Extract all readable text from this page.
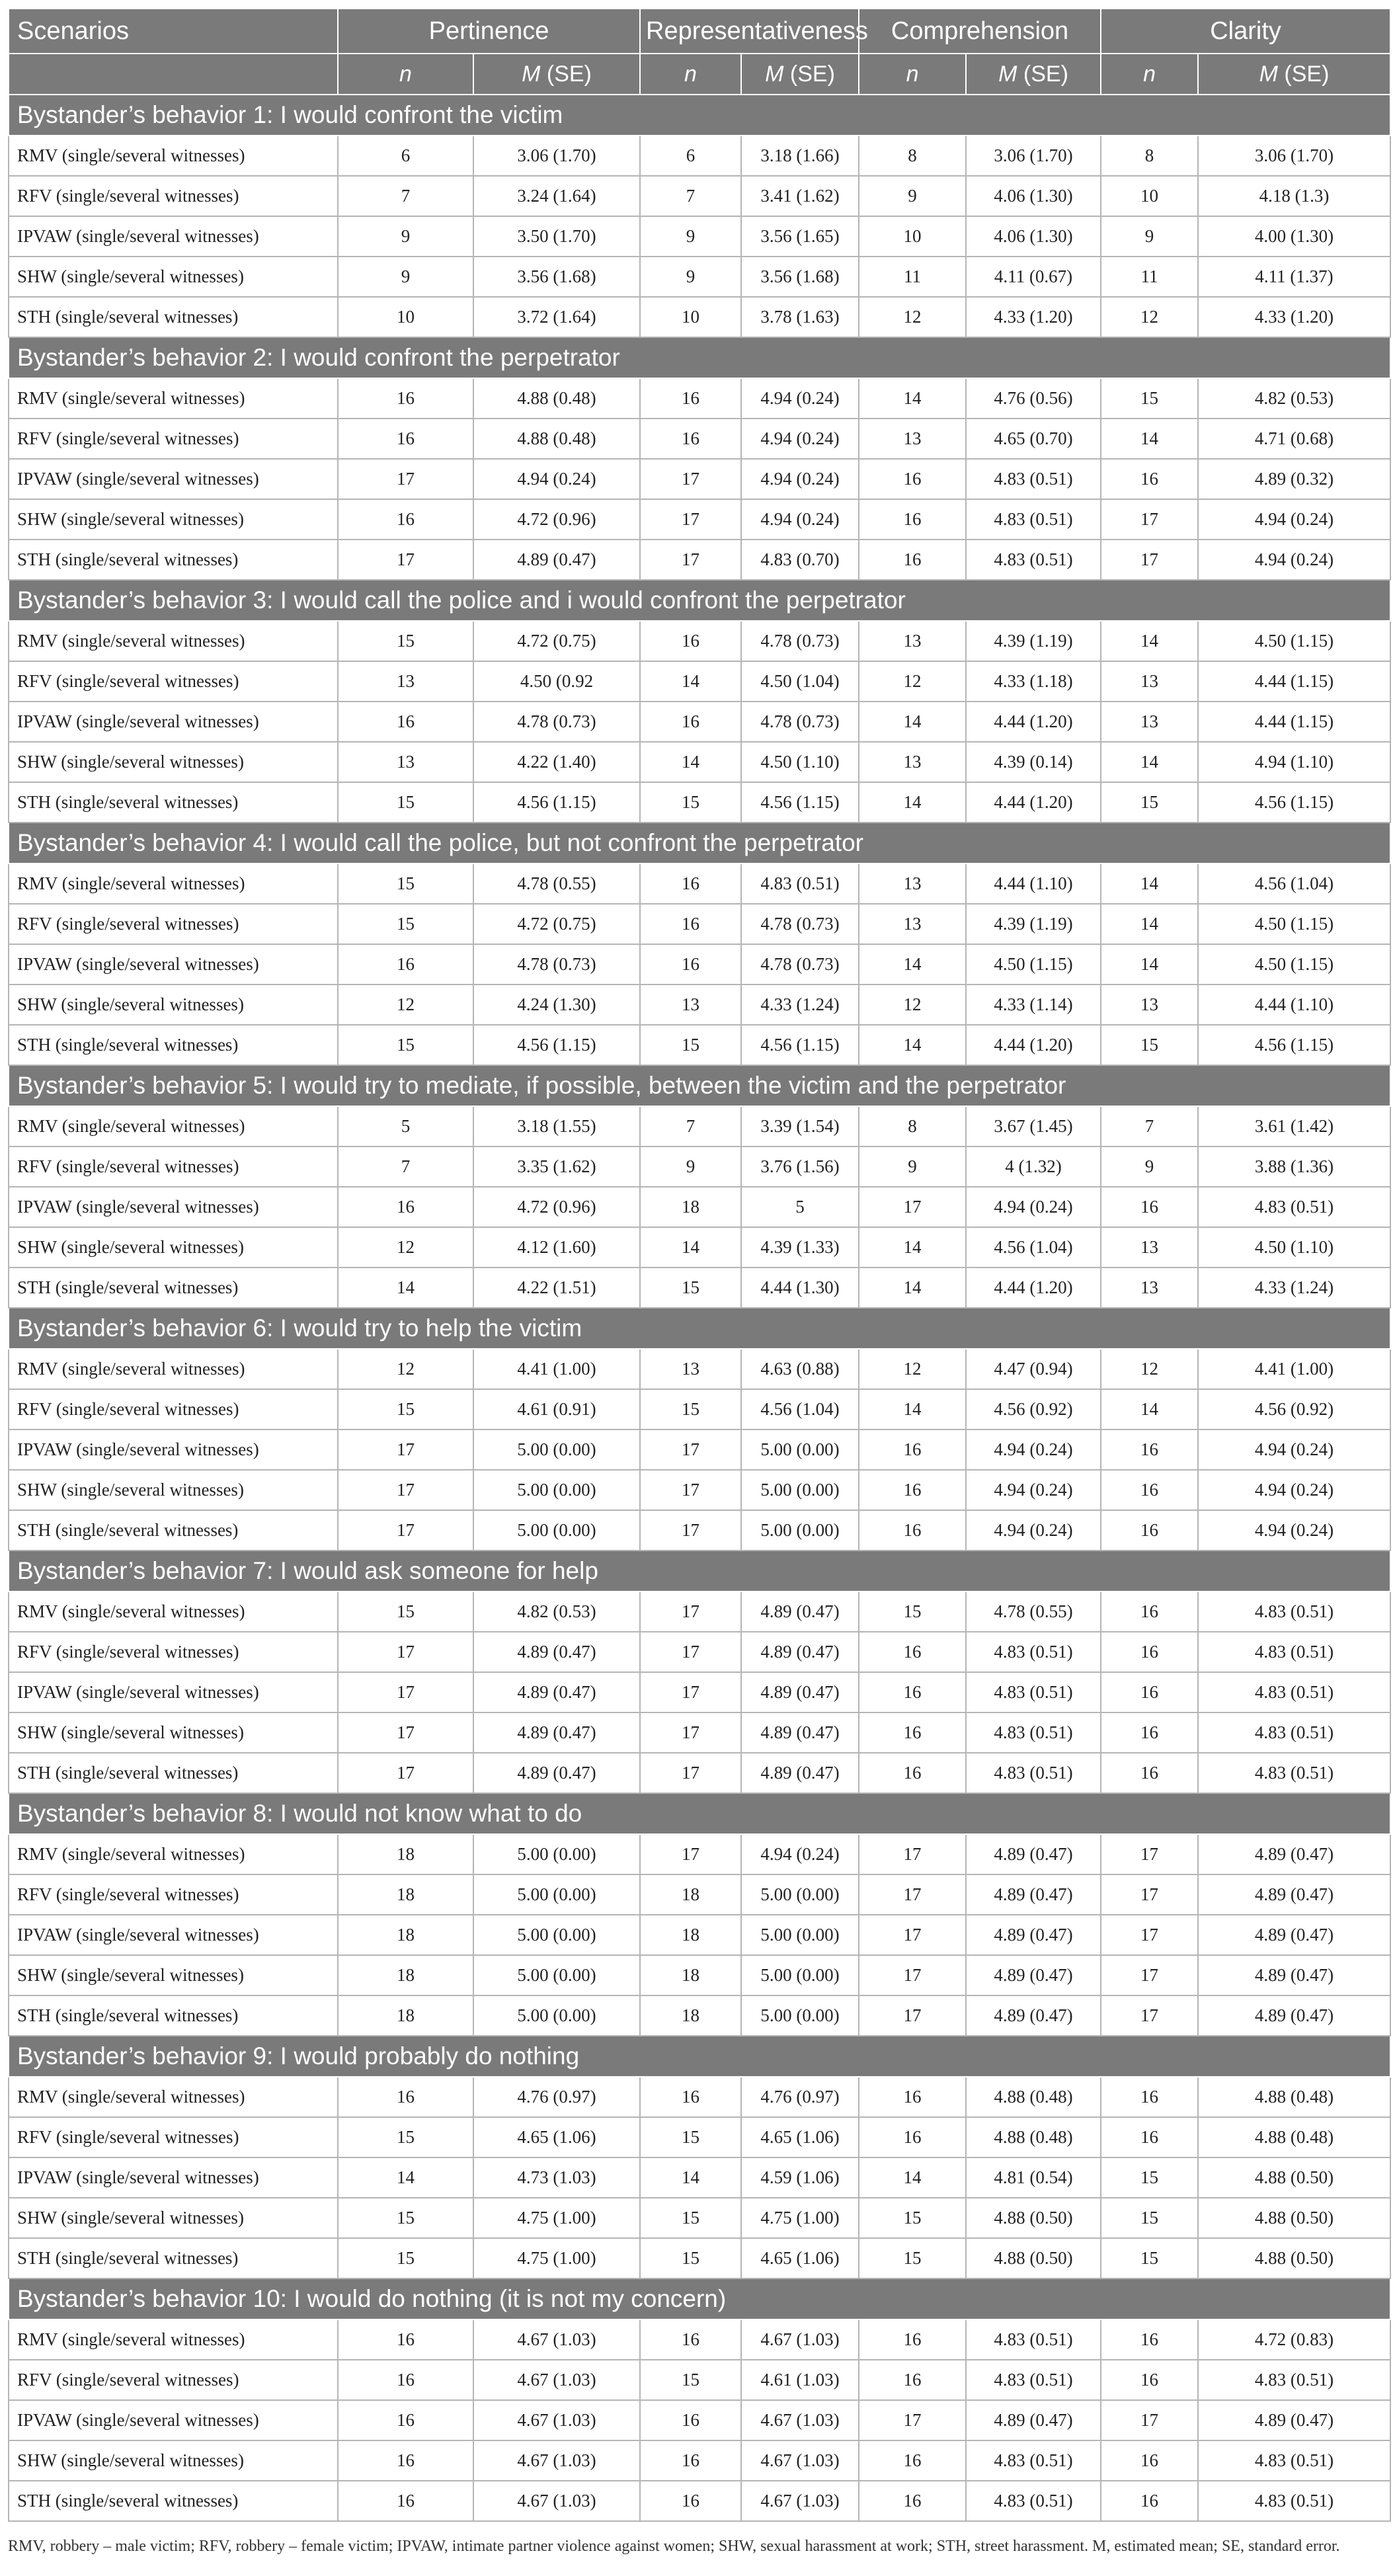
Scenarios	Pertinence		Representativeness		Comprehension		Clarity	
	n	M (SE)	n	M (SE)	n	M (SE)	n	M (SE)
Bystander’s behavior 1: I would confront the victim								
RMV (single/several witnesses)	6	3.06 (1.70)	6	3.18 (1.66)	8	3.06 (1.70)	8	3.06 (1.70)
RFV (single/several witnesses)	7	3.24 (1.64)	7	3.41 (1.62)	9	4.06 (1.30)	10	4.18 (1.3)
IPVAW (single/several witnesses)	9	3.50 (1.70)	9	3.56 (1.65)	10	4.06 (1.30)	9	4.00 (1.30)
SHW (single/several witnesses)	9	3.56 (1.68)	9	3.56 (1.68)	11	4.11 (0.67)	11	4.11 (1.37)
STH (single/several witnesses)	10	3.72 (1.64)	10	3.78 (1.63)	12	4.33 (1.20)	12	4.33 (1.20)
Bystander’s behavior 2: I would confront the perpetrator								
RMV (single/several witnesses)	16	4.88 (0.48)	16	4.94 (0.24)	14	4.76 (0.56)	15	4.82 (0.53)
RFV (single/several witnesses)	16	4.88 (0.48)	16	4.94 (0.24)	13	4.65 (0.70)	14	4.71 (0.68)
IPVAW (single/several witnesses)	17	4.94 (0.24)	17	4.94 (0.24)	16	4.83 (0.51)	16	4.89 (0.32)
SHW (single/several witnesses)	16	4.72 (0.96)	17	4.94 (0.24)	16	4.83 (0.51)	17	4.94 (0.24)
STH (single/several witnesses)	17	4.89 (0.47)	17	4.83 (0.70)	16	4.83 (0.51)	17	4.94 (0.24)
Bystander’s behavior 3: I would call the police and i would confront the perpetrator								
RMV (single/several witnesses)	15	4.72 (0.75)	16	4.78 (0.73)	13	4.39 (1.19)	14	4.50 (1.15)
RFV (single/several witnesses)	13	4.50 (0.92	14	4.50 (1.04)	12	4.33 (1.18)	13	4.44 (1.15)
IPVAW (single/several witnesses)	16	4.78 (0.73)	16	4.78 (0.73)	14	4.44 (1.20)	13	4.44 (1.15)
SHW (single/several witnesses)	13	4.22 (1.40)	14	4.50 (1.10)	13	4.39 (0.14)	14	4.94 (1.10)
STH (single/several witnesses)	15	4.56 (1.15)	15	4.56 (1.15)	14	4.44 (1.20)	15	4.56 (1.15)
Bystander’s behavior 4: I would call the police, but not confront the perpetrator								
RMV (single/several witnesses)	15	4.78 (0.55)	16	4.83 (0.51)	13	4.44 (1.10)	14	4.56 (1.04)
RFV (single/several witnesses)	15	4.72 (0.75)	16	4.78 (0.73)	13	4.39 (1.19)	14	4.50 (1.15)
IPVAW (single/several witnesses)	16	4.78 (0.73)	16	4.78 (0.73)	14	4.50 (1.15)	14	4.50 (1.15)
SHW (single/several witnesses)	12	4.24 (1.30)	13	4.33 (1.24)	12	4.33 (1.14)	13	4.44 (1.10)
STH (single/several witnesses)	15	4.56 (1.15)	15	4.56 (1.15)	14	4.44 (1.20)	15	4.56 (1.15)
Bystander’s behavior 5: I would try to mediate, if possible, between the victim and the perpetrator								
RMV (single/several witnesses)	5	3.18 (1.55)	7	3.39 (1.54)	8	3.67 (1.45)	7	3.61 (1.42)
RFV (single/several witnesses)	7	3.35 (1.62)	9	3.76 (1.56)	9	4 (1.32)	9	3.88 (1.36)
IPVAW (single/several witnesses)	16	4.72 (0.96)	18	5	17	4.94 (0.24)	16	4.83 (0.51)
SHW (single/several witnesses)	12	4.12 (1.60)	14	4.39 (1.33)	14	4.56 (1.04)	13	4.50 (1.10)
STH (single/several witnesses)	14	4.22 (1.51)	15	4.44 (1.30)	14	4.44 (1.20)	13	4.33 (1.24)
Bystander’s behavior 6: I would try to help the victim								
RMV (single/several witnesses)	12	4.41 (1.00)	13	4.63 (0.88)	12	4.47 (0.94)	12	4.41 (1.00)
RFV (single/several witnesses)	15	4.61 (0.91)	15	4.56 (1.04)	14	4.56 (0.92)	14	4.56 (0.92)
IPVAW (single/several witnesses)	17	5.00 (0.00)	17	5.00 (0.00)	16	4.94 (0.24)	16	4.94 (0.24)
SHW (single/several witnesses)	17	5.00 (0.00)	17	5.00 (0.00)	16	4.94 (0.24)	16	4.94 (0.24)
STH (single/several witnesses)	17	5.00 (0.00)	17	5.00 (0.00)	16	4.94 (0.24)	16	4.94 (0.24)
Bystander’s behavior 7: I would ask someone for help								
RMV (single/several witnesses)	15	4.82 (0.53)	17	4.89 (0.47)	15	4.78 (0.55)	16	4.83 (0.51)
RFV (single/several witnesses)	17	4.89 (0.47)	17	4.89 (0.47)	16	4.83 (0.51)	16	4.83 (0.51)
IPVAW (single/several witnesses)	17	4.89 (0.47)	17	4.89 (0.47)	16	4.83 (0.51)	16	4.83 (0.51)
SHW (single/several witnesses)	17	4.89 (0.47)	17	4.89 (0.47)	16	4.83 (0.51)	16	4.83 (0.51)
STH (single/several witnesses)	17	4.89 (0.47)	17	4.89 (0.47)	16	4.83 (0.51)	16	4.83 (0.51)
Bystander’s behavior 8: I would not know what to do								
RMV (single/several witnesses)	18	5.00 (0.00)	17	4.94 (0.24)	17	4.89 (0.47)	17	4.89 (0.47)
RFV (single/several witnesses)	18	5.00 (0.00)	18	5.00 (0.00)	17	4.89 (0.47)	17	4.89 (0.47)
IPVAW (single/several witnesses)	18	5.00 (0.00)	18	5.00 (0.00)	17	4.89 (0.47)	17	4.89 (0.47)
SHW (single/several witnesses)	18	5.00 (0.00)	18	5.00 (0.00)	17	4.89 (0.47)	17	4.89 (0.47)
STH (single/several witnesses)	18	5.00 (0.00)	18	5.00 (0.00)	17	4.89 (0.47)	17	4.89 (0.47)
Bystander’s behavior 9: I would probably do nothing								
RMV (single/several witnesses)	16	4.76 (0.97)	16	4.76 (0.97)	16	4.88 (0.48)	16	4.88 (0.48)
RFV (single/several witnesses)	15	4.65 (1.06)	15	4.65 (1.06)	16	4.88 (0.48)	16	4.88 (0.48)
IPVAW (single/several witnesses)	14	4.73 (1.03)	14	4.59 (1.06)	14	4.81 (0.54)	15	4.88 (0.50)
SHW (single/several witnesses)	15	4.75 (1.00)	15	4.75 (1.00)	15	4.88 (0.50)	15	4.88 (0.50)
STH (single/several witnesses)	15	4.75 (1.00)	15	4.65 (1.06)	15	4.88 (0.50)	15	4.88 (0.50)
Bystander’s behavior 10: I would do nothing (it is not my concern)								
RMV (single/several witnesses)	16	4.67 (1.03)	16	4.67 (1.03)	16	4.83 (0.51)	16	4.72 (0.83)
RFV (single/several witnesses)	16	4.67 (1.03)	15	4.61 (1.03)	16	4.83 (0.51)	16	4.83 (0.51)
IPVAW (single/several witnesses)	16	4.67 (1.03)	16	4.67 (1.03)	17	4.89 (0.47)	17	4.89 (0.47)
SHW (single/several witnesses)	16	4.67 (1.03)	16	4.67 (1.03)	16	4.83 (0.51)	16	4.83 (0.51)
STH (single/several witnesses)	16	4.67 (1.03)	16	4.67 (1.03)	16	4.83 (0.51)	16	4.83 (0.51)
RMV, robbery – male victim; RFV, robbery – female victim; IPVAW, intimate partner violence against women; SHW, sexual harassment at work; STH, street harassment. M, estimated mean; SE, standard error.
